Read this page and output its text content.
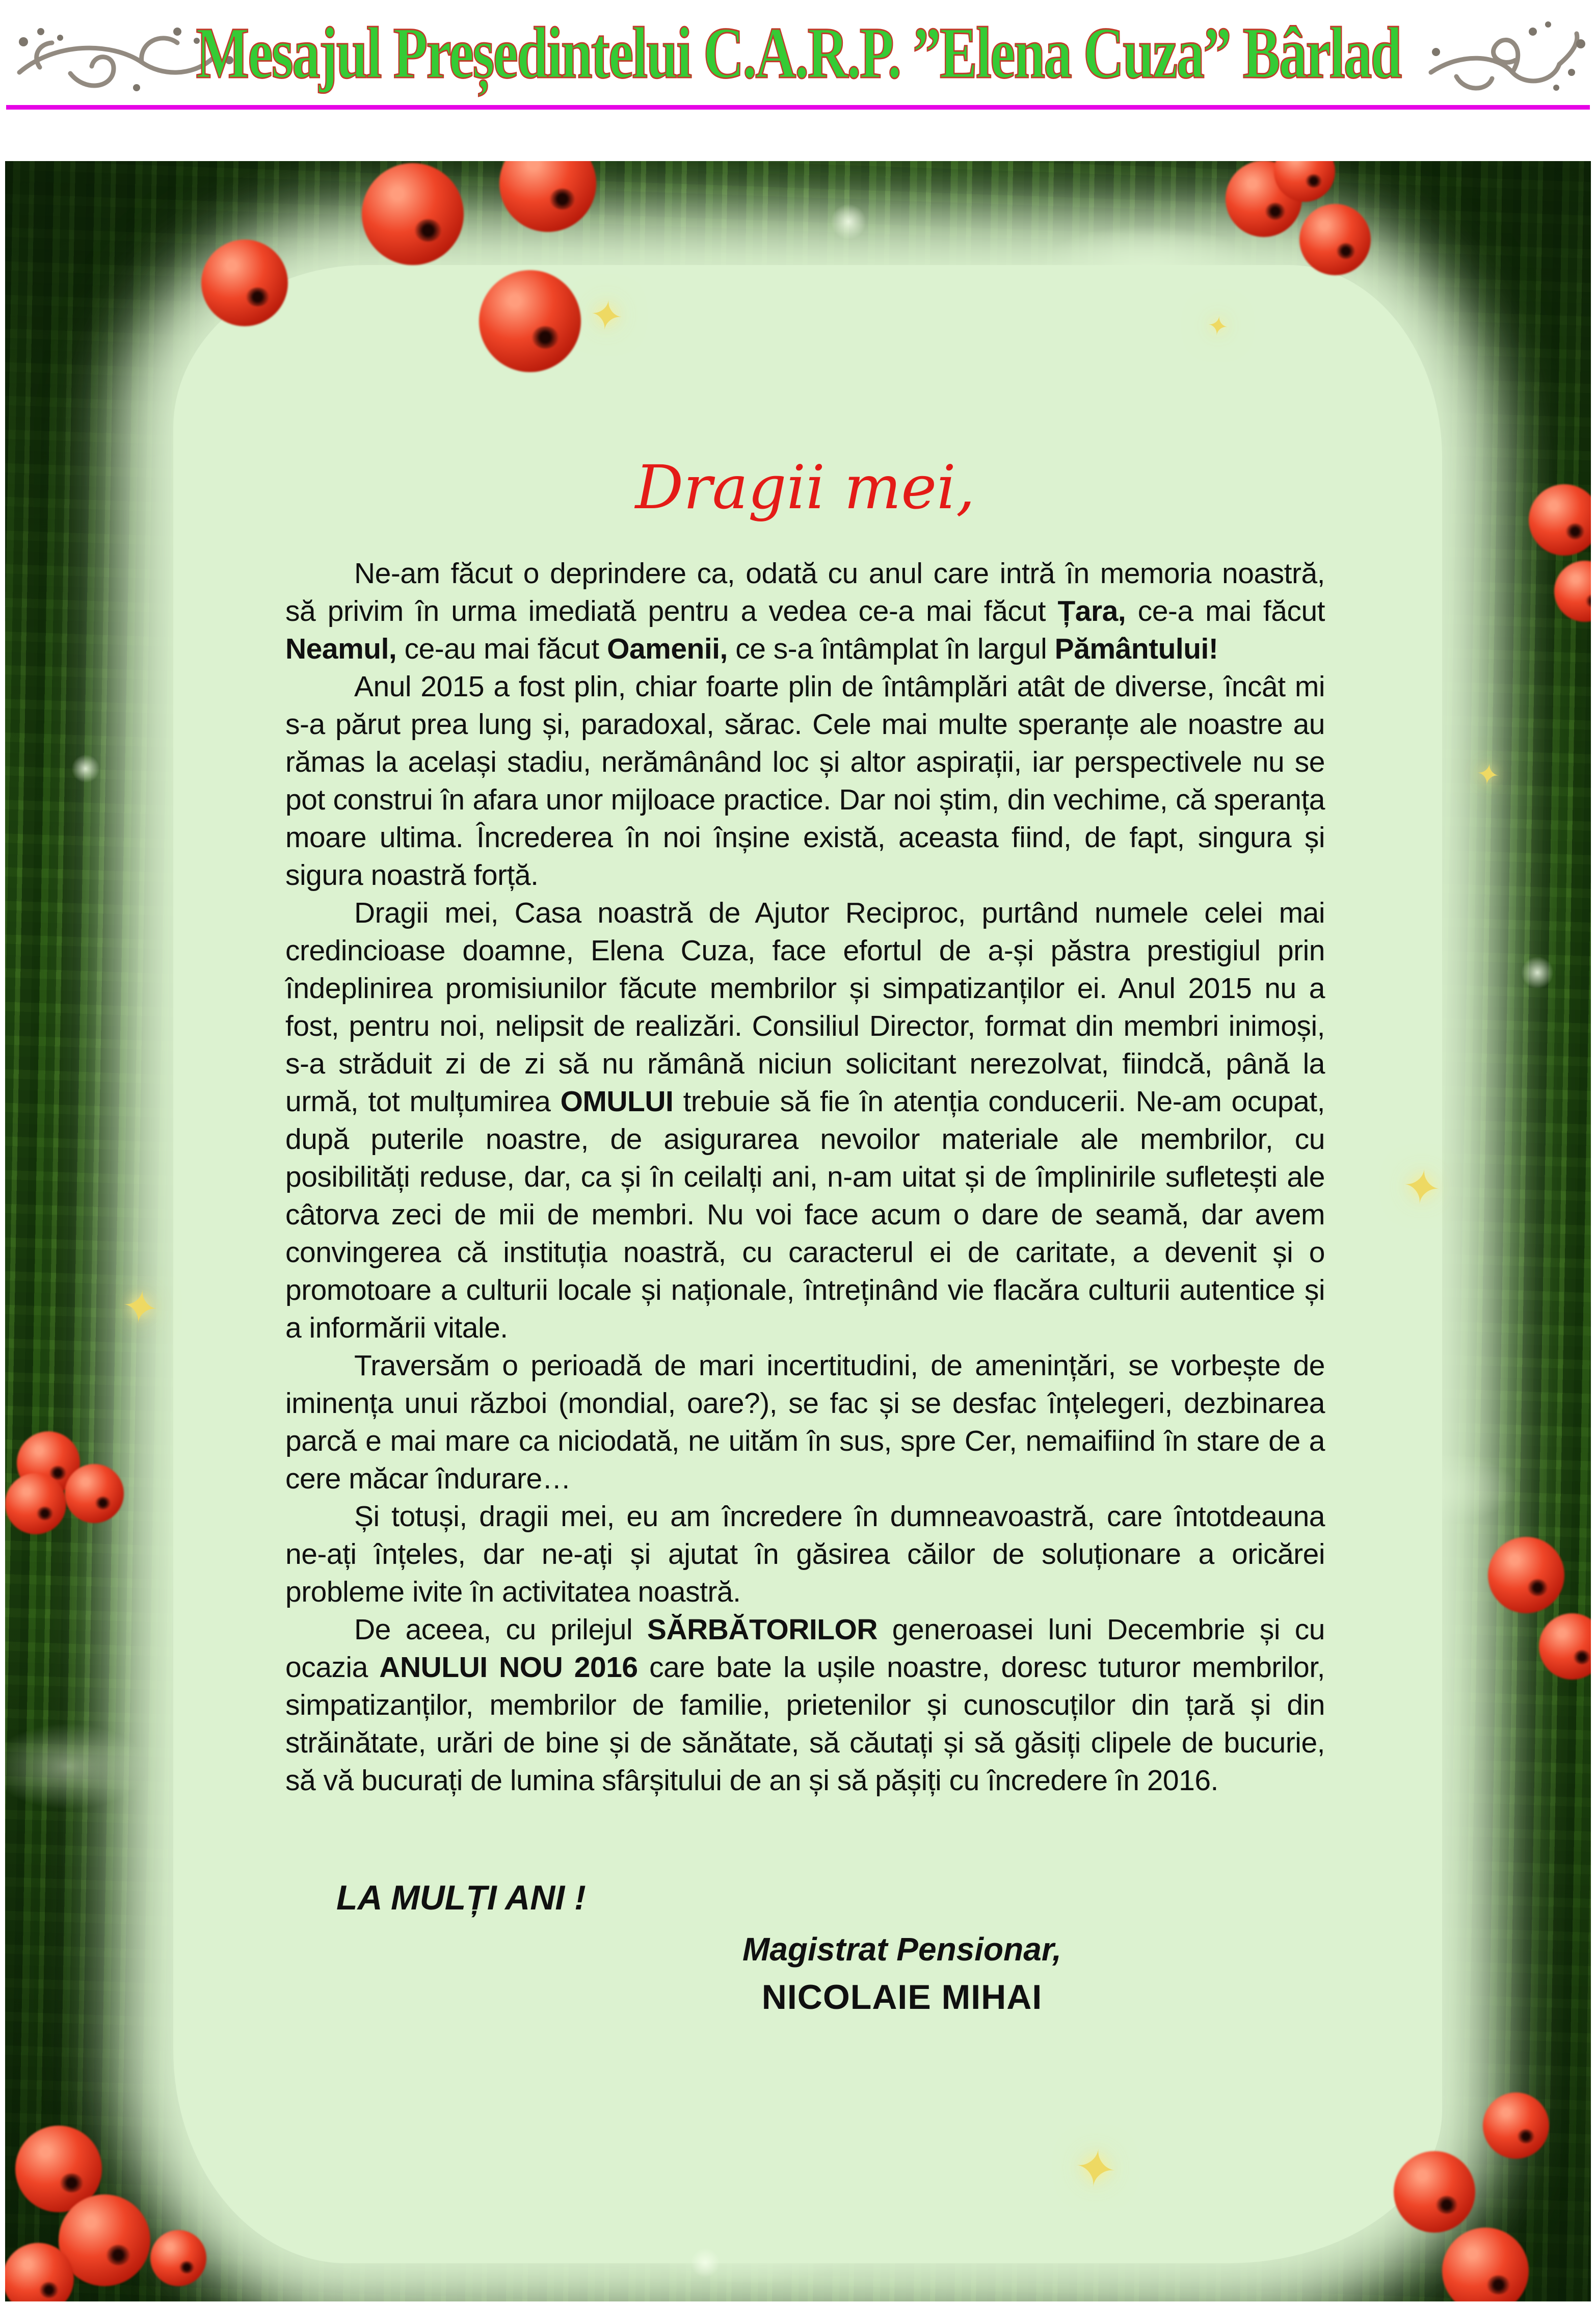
Mesajul Președintelui C.A.R.P. ”Elena Cuza” Bârlad
✦	✦
✦
✦
✦
✦
Dragii mei,

Ne-am făcut o deprindere ca, odată cu anul care intră în memoria noastră, să privim în urma imediată pentru a vedea ce-a mai făcut Țara, ce-a mai făcut Neamul, ce-au mai făcut Oamenii, ce s-a întâmplat în largul Pământului!

Anul 2015 a fost plin, chiar foarte plin de întâmplări atât de diverse, încât mi s-a părut prea lung și, paradoxal, sărac. Cele mai multe speranțe ale noastre au rămas la același stadiu, nerămânând loc și altor aspirații, iar perspectivele nu se pot construi în afara unor mijloace practice. Dar noi știm, din vechime, că speranța moare ultima. Încrederea în noi înșine există, aceasta fiind, de fapt, singura și sigura noastră forță.

Dragii mei, Casa noastră de Ajutor Reciproc, purtând numele celei mai credincioase doamne, Elena Cuza, face efortul de a-și păstra prestigiul prin îndeplinirea promisiunilor făcute membrilor și simpatizanților ei. Anul 2015 nu a fost, pentru noi, nelipsit de realizări. Consiliul Director, format din membri inimoși, s-a străduit zi de zi să nu rămână niciun solicitant nerezolvat, fiindcă, până la urmă, tot mulțumirea OMULUI trebuie să fie în atenția conducerii. Ne-am ocupat, după puterile noastre, de asigurarea nevoilor materiale ale membrilor, cu posibilități reduse, dar, ca și în ceilalți ani, n-am uitat și de împlinirile sufletești ale câtorva zeci de mii de membri. Nu voi face acum o dare de seamă, dar avem convingerea că instituția noastră, cu caracterul ei de caritate, a devenit și o promotoare a culturii locale și naționale, întreținând vie flacăra culturii autentice și a informării vitale.

Traversăm o perioadă de mari incertitudini, de amenințări, se vorbește de iminența unui război (mondial, oare?), se fac și se desfac înțelegeri, dezbinarea parcă e mai mare ca niciodată, ne uităm în sus, spre Cer, nemaifiind în stare de a cere măcar îndurare…

Și totuși, dragii mei, eu am încredere în dumneavoastră, care întotdeauna ne-ați înțeles, dar ne-ați și ajutat în găsirea căilor de soluționare a oricărei probleme ivite în activitatea noastră.

De aceea, cu prilejul SĂRBĂTORILOR generoasei luni Decembrie și cu ocazia ANULUI NOU 2016 care bate la ușile noastre, doresc tuturor membrilor, simpatizanților, membrilor de familie, prietenilor și cunoscuților din țară și din străinătate, urări de bine și de sănătate, să căutați și să găsiți clipele de bucurie, să vă bucurați de lumina sfârșitului de an și să pășiți cu încredere în 2016.

LA MULȚI ANI !
Magistrat Pensionar,
NICOLAIE MIHAI
